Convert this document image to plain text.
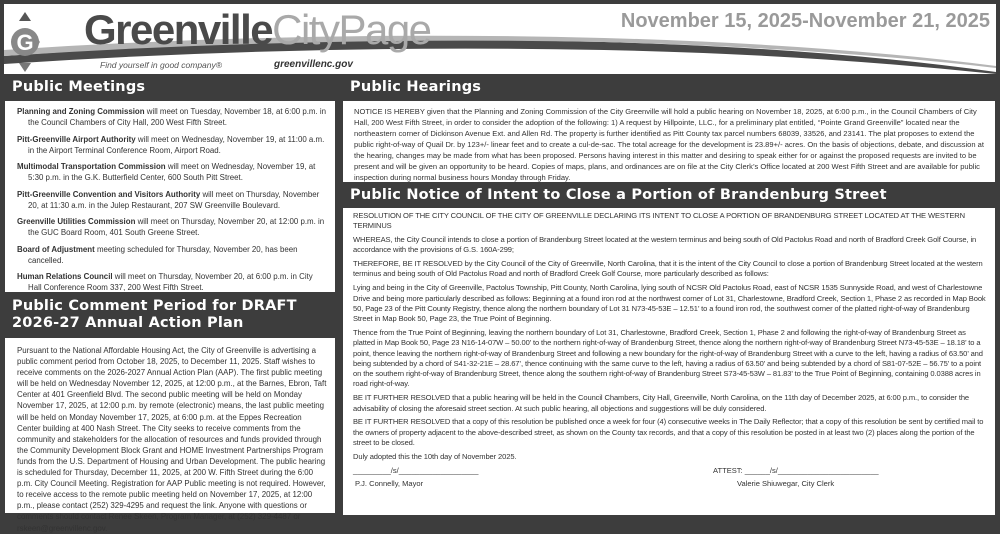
G GreenvilleCityPage
Find yourself in good company®	greenvillenc.gov
November 15, 2025-November 21, 2025
Public Meetings

Planning and Zoning Commission will meet on Tuesday, November 18, at 6:00 p.m. in the Council Chambers of City Hall, 200 West Fifth Street.

Pitt-Greenville Airport Authority will meet on Wednesday, November 19, at 11:00 a.m. in the Airport Terminal Conference Room, Airport Road.

Multimodal Transportation Commission will meet on Wednesday, November 19, at 5:30 p.m. in the G.K. Butterfield Center, 600 South Pitt Street.

Pitt-Greenville Convention and Visitors Authority will meet on Thursday, November 20, at 11:30 a.m. in the Julep Restaurant, 207 SW Greenville Boulevard.

Greenville Utilities Commission will meet on Thursday, November 20, at 12:00 p.m. in the GUC Board Room, 401 South Greene Street.

Board of Adjustment meeting scheduled for Thursday, November 20, has been cancelled.

Human Relations Council will meet on Thursday, November 20, at 6:00 p.m. in City Hall Conference Room 337, 200 West Fifth Street.

Public Comment Period for DRAFT
2026-27 Annual Action Plan

Pursuant to the National Affordable Housing Act, the City of Greenville is advertising a public comment period from October 18, 2025, to December 11, 2025. Staff wishes to receive comments on the 2026-2027 Annual Action Plan (AAP). The first public meeting will be held on Wednesday November 12, 2025, at 12:00 p.m., at the Barnes, Ebron, Taft Center at 401 Greenfield Blvd. The second public meeting will be held on Monday November 17, 2025, at 12:00 p.m. by remote (electronic) means, the last public meeting will be held on Monday November 17, 2025, at 6:00 p.m. at the Eppes Recreation Center building at 400 Nash Street. The City seeks to receive comments from the community and stakeholders for the allocation of resources and funds provided through the Community Development Block Grant and HOME Investment Partnerships Program funds from the U.S. Department of Housing and Urban Development. The public hearing is scheduled for Thursday, December 11, 2025, at 200 W. Fifth Street during the 6:00 p.m. City Council Meeting. Registration for AAP Public meeting is not required. However, to receive access to the remote public meeting held on November 17, 2025, at 12:00 p.m., please contact (252) 329-4295 and request the link. Anyone with questions or comments should contact Renee Skeen, Program Manager, at (252) 329-4487 or rskeen@greenvillenc.gov.

Public Hearings

NOTICE IS HEREBY given that the Planning and Zoning Commission of the City Greenville will hold a public hearing on November 18, 2025, at 6:00 p.m., in the Council Chambers of City Hall, 200 West Fifth Street, in order to consider the adoption of the following: 1) A request by Hillpointe, LLC., for a preliminary plat entitled, “Pointe Grand Greenville” located near the northeastern corner of Dickinson Avenue Ext. and Allen Rd. The property is further identified as Pitt County tax parcel numbers 68039, 33526, and 23141. The plat proposes to extend the public right-of-way of Quail Dr. by 123+/- linear feet and to create a cul-de-sac. The total acreage for the development is 23.89+/- acres. On the basis of objections, debate, and discussion at the hearing, changes may be made from what has been proposed. Persons having interest in this matter and desiring to speak either for or against the proposed requests are invited to be present and will be given an opportunity to be heard. Copies of maps, plans, and ordinances are on file at the City Clerk’s Office located at 200 West Fifth Street and are available for public inspection during normal business hours Monday through Friday.

Public Notice of Intent to Close a Portion of Brandenburg Street

RESOLUTION OF THE CITY COUNCIL OF THE CITY OF GREENVILLE DECLARING ITS INTENT TO CLOSE A PORTION OF BRANDENBURG STREET LOCATED AT THE WESTERN TERMINUS

WHEREAS, the City Council intends to close a portion of Brandenburg Street located at the western terminus and being south of Old Pactolus Road and north of Bradford Creek Golf Course, in accordance with the provisions of G.S. 160A-299;

THEREFORE, BE IT RESOLVED by the City Council of the City of Greenville, North Carolina, that it is the intent of the City Council to close a portion of Brandenburg Street located at the western terminus and being south of Old Pactolus Road and north of Bradford Creek Golf Course, more particularly described as follows:

Lying and being in the City of Greenville, Pactolus Township, Pitt County, North Carolina, lying south of NCSR Old Pactolus Road, east of NCSR 1535 Sunnyside Road, and west of Charlestowne Drive and being more particularly described as follows: Beginning at a found iron rod at the northwest corner of Lot 31, Charlestowne, Bradford Creek, Section 1, Phase 2 as recorded in Map Book 50, Page 23 of the Pitt County Registry, thence along the northern boundary of Lot 31 N73-45-53E – 12.51’ to a found iron rod, the southwest corner of the platted right-of-way of Brandenburg Street in Map Book 50, Page 23, the True Point of Beginning.

Thence from the True Point of Beginning, leaving the northern boundary of Lot 31, Charlestowne, Bradford Creek, Section 1, Phase 2 and following the right-of-way of Brandenburg Street as platted in Map Book 50, Page 23 N16-14-07W – 50.00’ to the northern right-of-way of Brandenburg Street, thence along the northern right-of-way of Brandenburg Street N73-45-53E – 18.18’ to a point, thence leaving the northern right-of-way of Brandenburg Street and following a new boundary for the right-of-way of Brandenburg Street with a curve to the left, having a radius of 63.50’ and being subtended by a chord of S41-32-21E – 28.67’, thence continuing with the same curve to the left, having a radius of 63.50’ and being subtended by a chord of S81-07-52E – 56.75’ to a point on the southern right-of-way of Brandenburg Street, thence along the southern right-of-way of Brandenburg Street S73-45-53W – 81.83’ to the True Point of Beginning, containing 0.0388 acres in road right-of-way.

BE IT FURTHER RESOLVED that a public hearing will be held in the Council Chambers, City Hall, Greenville, North Carolina, on the 11th day of December 2025, at 6:00 p.m., to consider the advisability of closing the aforesaid street section. At such public hearing, all objections and suggestions will be duly considered.

BE IT FURTHER RESOLVED that a copy of this resolution be published once a week for four (4) consecutive weeks in The Daily Reflector; that a copy of this resolution be sent by certified mail to the owners of property adjacent to the above-described street, as shown on the County tax records, and that a copy of this resolution be posted in at least two (2) places along the portion of the street to be closed.

Duly adopted this the 10th day of November 2025.

_________/s/___________________	ATTEST: ______/s/________________________
P.J. Connelly, Mayor	Valerie Shiuwegar, City Clerk
